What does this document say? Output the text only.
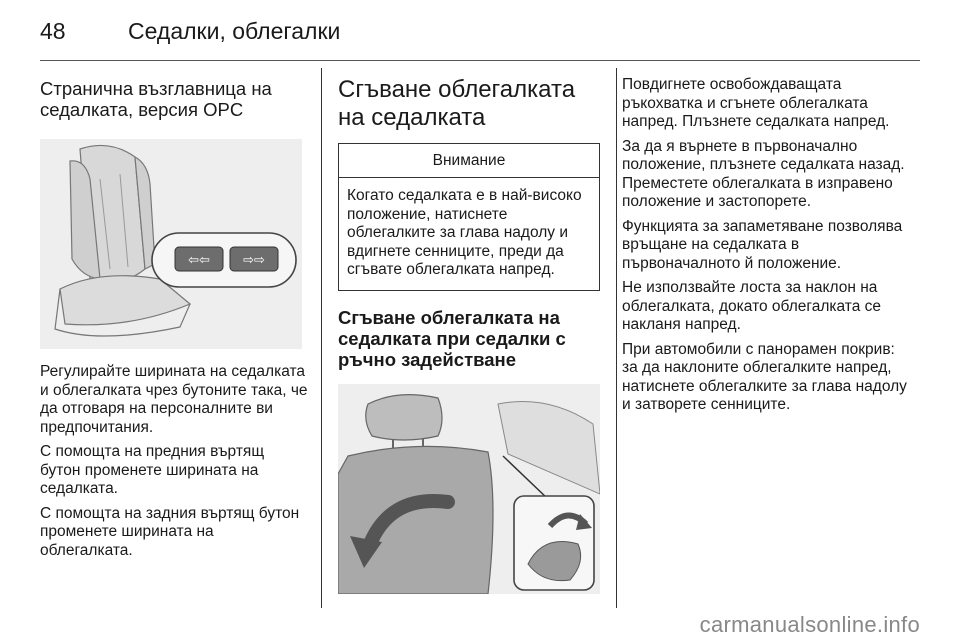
48	Седалки, облегалки
Странична възглавница на седалката, версия OPC
⇦⇦	⇨⇨

Регулирайте ширината на седалката и облегалката чрез бутоните така, че да отговаря на персоналните ви предпочитания.

С помощта на предния въртящ бутон променете ширината на седалката.

С помощта на задния въртящ бутон променете ширината на облегалката.

Сгъване облегалката на седалката
Внимание
Когато седалката е в най-високо положение, натиснете облегалките за глава надолу и вдигнете сенниците, преди да сгъвате облегалката напред.
Сгъване облегалката на седалката при седалки с ръчно задействане

Повдигнете освобождаващата ръкохватка и сгънете облегалката напред. Плъзнете седалката напред.

За да я върнете в първоначално положение, плъзнете седалката назад. Преместете облегалката в изправено положение и застопорете.

Функцията за запаметяване позволява връщане на седалката в първоначалното й положение.

Не използвайте лоста за наклон на облегалката, докато облегалката се накланя напред.

При автомобили с панорамен покрив: за да наклоните облегалките напред, натиснете облегалките за глава надолу и затворете сенниците.

carmanualsonline.info
